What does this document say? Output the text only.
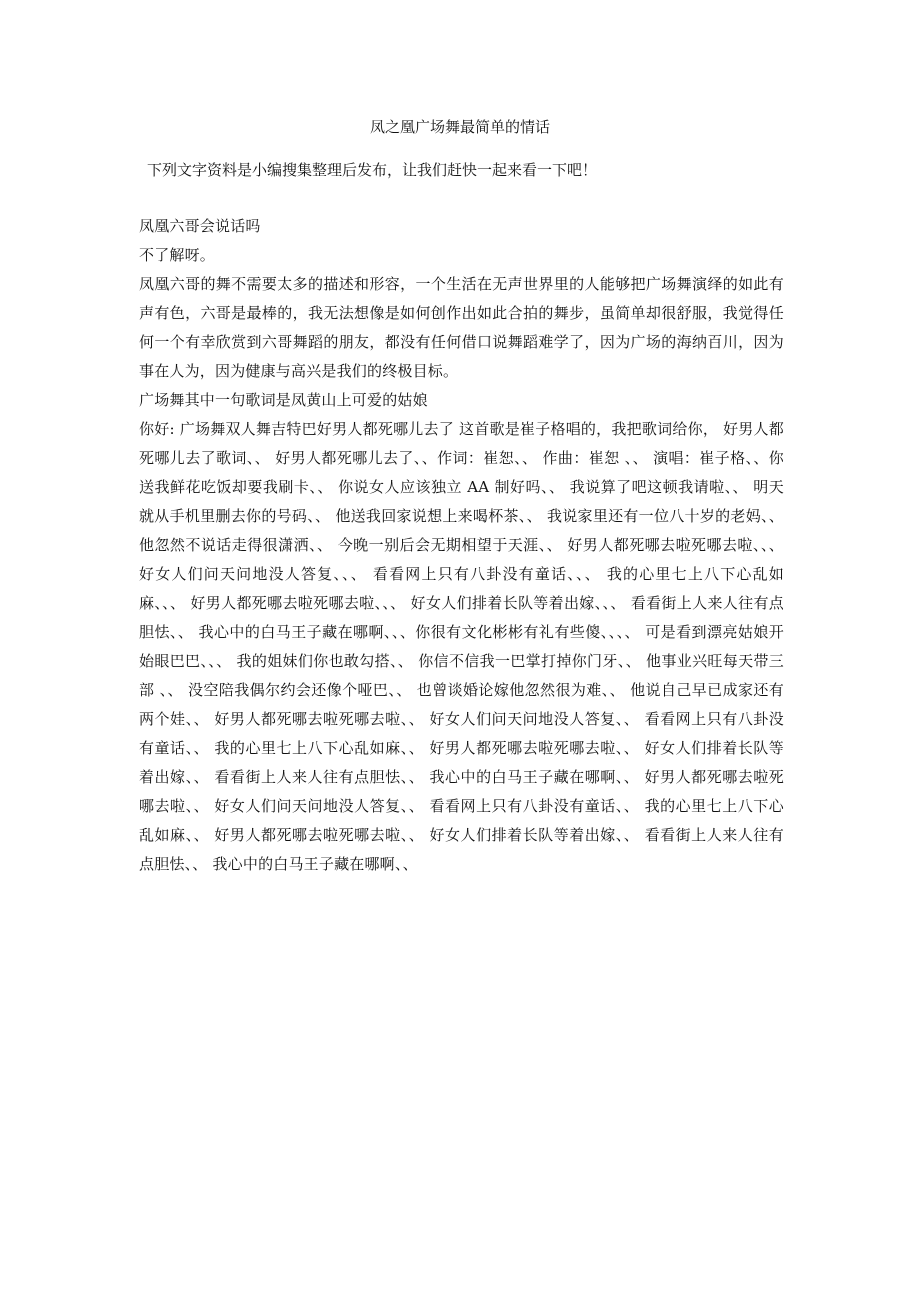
凤之凰广场舞最简单的情话
下列文字资料是小编搜集整理后发布，让我们赶快一起来看一下吧！

凤凰六哥会说话吗

不了解呀。

凤凰六哥的舞不需要太多的描述和形容，一个生活在无声世界里的人能够把广场舞演绎的如此有声有色，六哥是最棒的，我无法想像是如何创作出如此合拍的舞步，虽简单却很舒服，我觉得任何一个有幸欣赏到六哥舞蹈的朋友，都没有任何借口说舞蹈难学了，因为广场的海纳百川，因为事在人为，因为健康与高兴是我们的终极目标。

广场舞其中一句歌词是凤黄山上可爱的姑娘

你好: 广场舞双人舞吉特巴好男人都死哪儿去了 这首歌是崔子格唱的，我把歌词给你， 好男人都死哪儿去了歌词、、 好男人都死哪儿去了、、作词：崔恕、、 作曲：崔恕 、、 演唱：崔子格、、你送我鲜花吃饭却要我刷卡、、 你说女人应该独立 AA 制好吗、、 我说算了吧这顿我请啦、、 明天就从手机里删去你的号码、、 他送我回家说想上来喝杯茶、、 我说家里还有一位八十岁的老妈、、 他忽然不说话走得很潇洒、、 今晚一别后会无期相望于天涯、、 好男人都死哪去啦死哪去啦、、、 好女人们问天问地没人答复、、、 看看网上只有八卦没有童话、、、 我的心里七上八下心乱如麻、、、 好男人都死哪去啦死哪去啦、、、 好女人们排着长队等着出嫁、、、 看看街上人来人往有点胆怯、、 我心中的白马王子藏在哪啊、、、你很有文化彬彬有礼有些傻、、、、 可是看到漂亮姑娘开始眼巴巴、、、 我的姐妹们你也敢勾搭、、 你信不信我一巴掌打掉你门牙、、 他事业兴旺每天带三部 、、 没空陪我偶尔约会还像个哑巴、、 也曾谈婚论嫁他忽然很为难、、 他说自己早已成家还有两个娃、、 好男人都死哪去啦死哪去啦、、 好女人们问天问地没人答复、、 看看网上只有八卦没有童话、、 我的心里七上八下心乱如麻、、 好男人都死哪去啦死哪去啦、、 好女人们排着长队等着出嫁、、 看看街上人来人往有点胆怯、、 我心中的白马王子藏在哪啊、、 好男人都死哪去啦死哪去啦、、 好女人们问天问地没人答复、、 看看网上只有八卦没有童话、、 我的心里七上八下心乱如麻、、 好男人都死哪去啦死哪去啦、、 好女人们排着长队等着出嫁、、 看看街上人来人往有点胆怯、、 我心中的白马王子藏在哪啊、、
